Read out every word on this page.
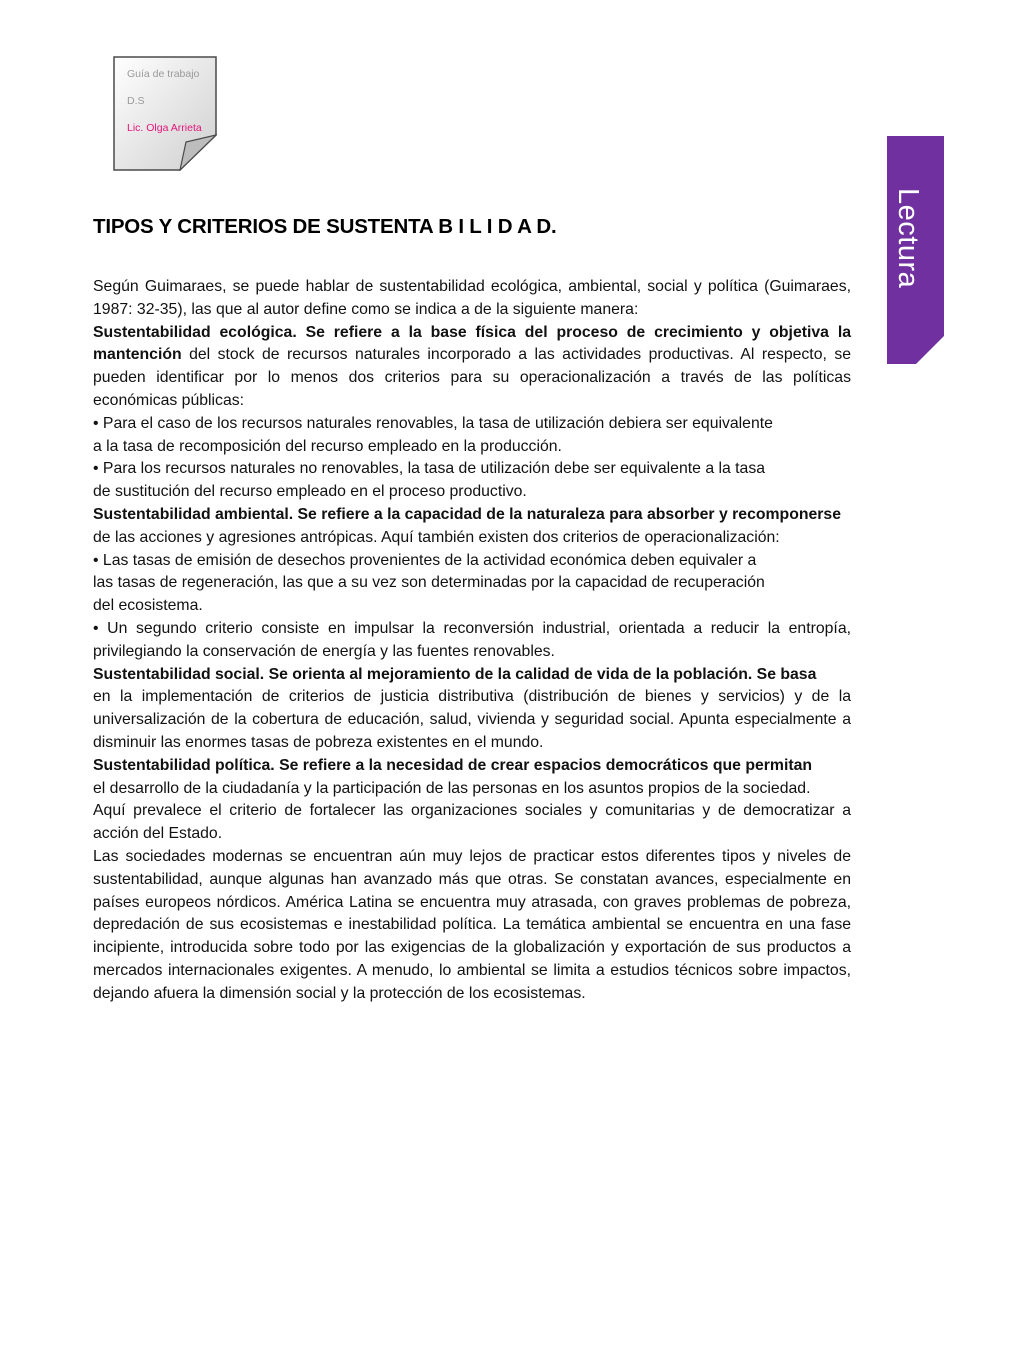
Guía de trabajo
D.S
Lic. Olga Arrieta
Lectura
TIPOS Y CRITERIOS DE SUSTENTA B I L I D A D.

Según Guimaraes, se puede hablar de sustentabilidad ecológica, ambiental, social y política (Guimaraes, 1987: 32-35), las que al autor define como se indica a de la siguiente manera:

Sustentabilidad ecológica. Se refiere a la base física del proceso de crecimiento y objetiva la mantención del stock de recursos naturales incorporado a las actividades productivas. Al respecto, se pueden identificar por lo menos dos criterios para su operacionalización a través de las políticas económicas públicas:

• Para el caso de los recursos naturales renovables, la tasa de utilización debiera ser equivalente

a la tasa de recomposición del recurso empleado en la producción.

• Para los recursos naturales no renovables, la tasa de utilización debe ser equivalente a la tasa

de sustitución del recurso empleado en el proceso productivo.

Sustentabilidad ambiental. Se refiere a la capacidad de la naturaleza para absorber y recomponerse

de las acciones y agresiones antrópicas. Aquí también existen dos criterios de operacionalización:

• Las tasas de emisión de desechos provenientes de la actividad económica deben equivaler a

las tasas de regeneración, las que a su vez son determinadas por la capacidad de recuperación

del ecosistema.

• Un segundo criterio consiste en impulsar la reconversión industrial, orientada a reducir la entropía, privilegiando la conservación de energía y las fuentes renovables.

Sustentabilidad social. Se orienta al mejoramiento de la calidad de vida de la población. Se basa

en la implementación de criterios de justicia distributiva (distribución de bienes y servicios) y de la universalización de la cobertura de educación, salud, vivienda y seguridad social. Apunta especialmente a disminuir las enormes tasas de pobreza existentes en el mundo.

Sustentabilidad política. Se refiere a la necesidad de crear espacios democráticos que permitan

el desarrollo de la ciudadanía y la participación de las personas en los asuntos propios de la sociedad.

Aquí prevalece el criterio de fortalecer las organizaciones sociales y comunitarias y de democratizar a acción del Estado.

Las sociedades modernas se encuentran aún muy lejos de practicar estos diferentes tipos y niveles de sustentabilidad, aunque algunas han avanzado más que otras. Se constatan avances, especialmente en países europeos nórdicos. América Latina se encuentra muy atrasada, con graves problemas de pobreza, depredación de sus ecosistemas e inestabilidad política. La temática ambiental se encuentra en una fase incipiente, introducida sobre todo por las exigencias de la globalización y exportación de sus productos a mercados internacionales exigentes. A menudo, lo ambiental se limita a estudios técnicos sobre impactos, dejando afuera la dimensión social y la protección de los ecosistemas.
